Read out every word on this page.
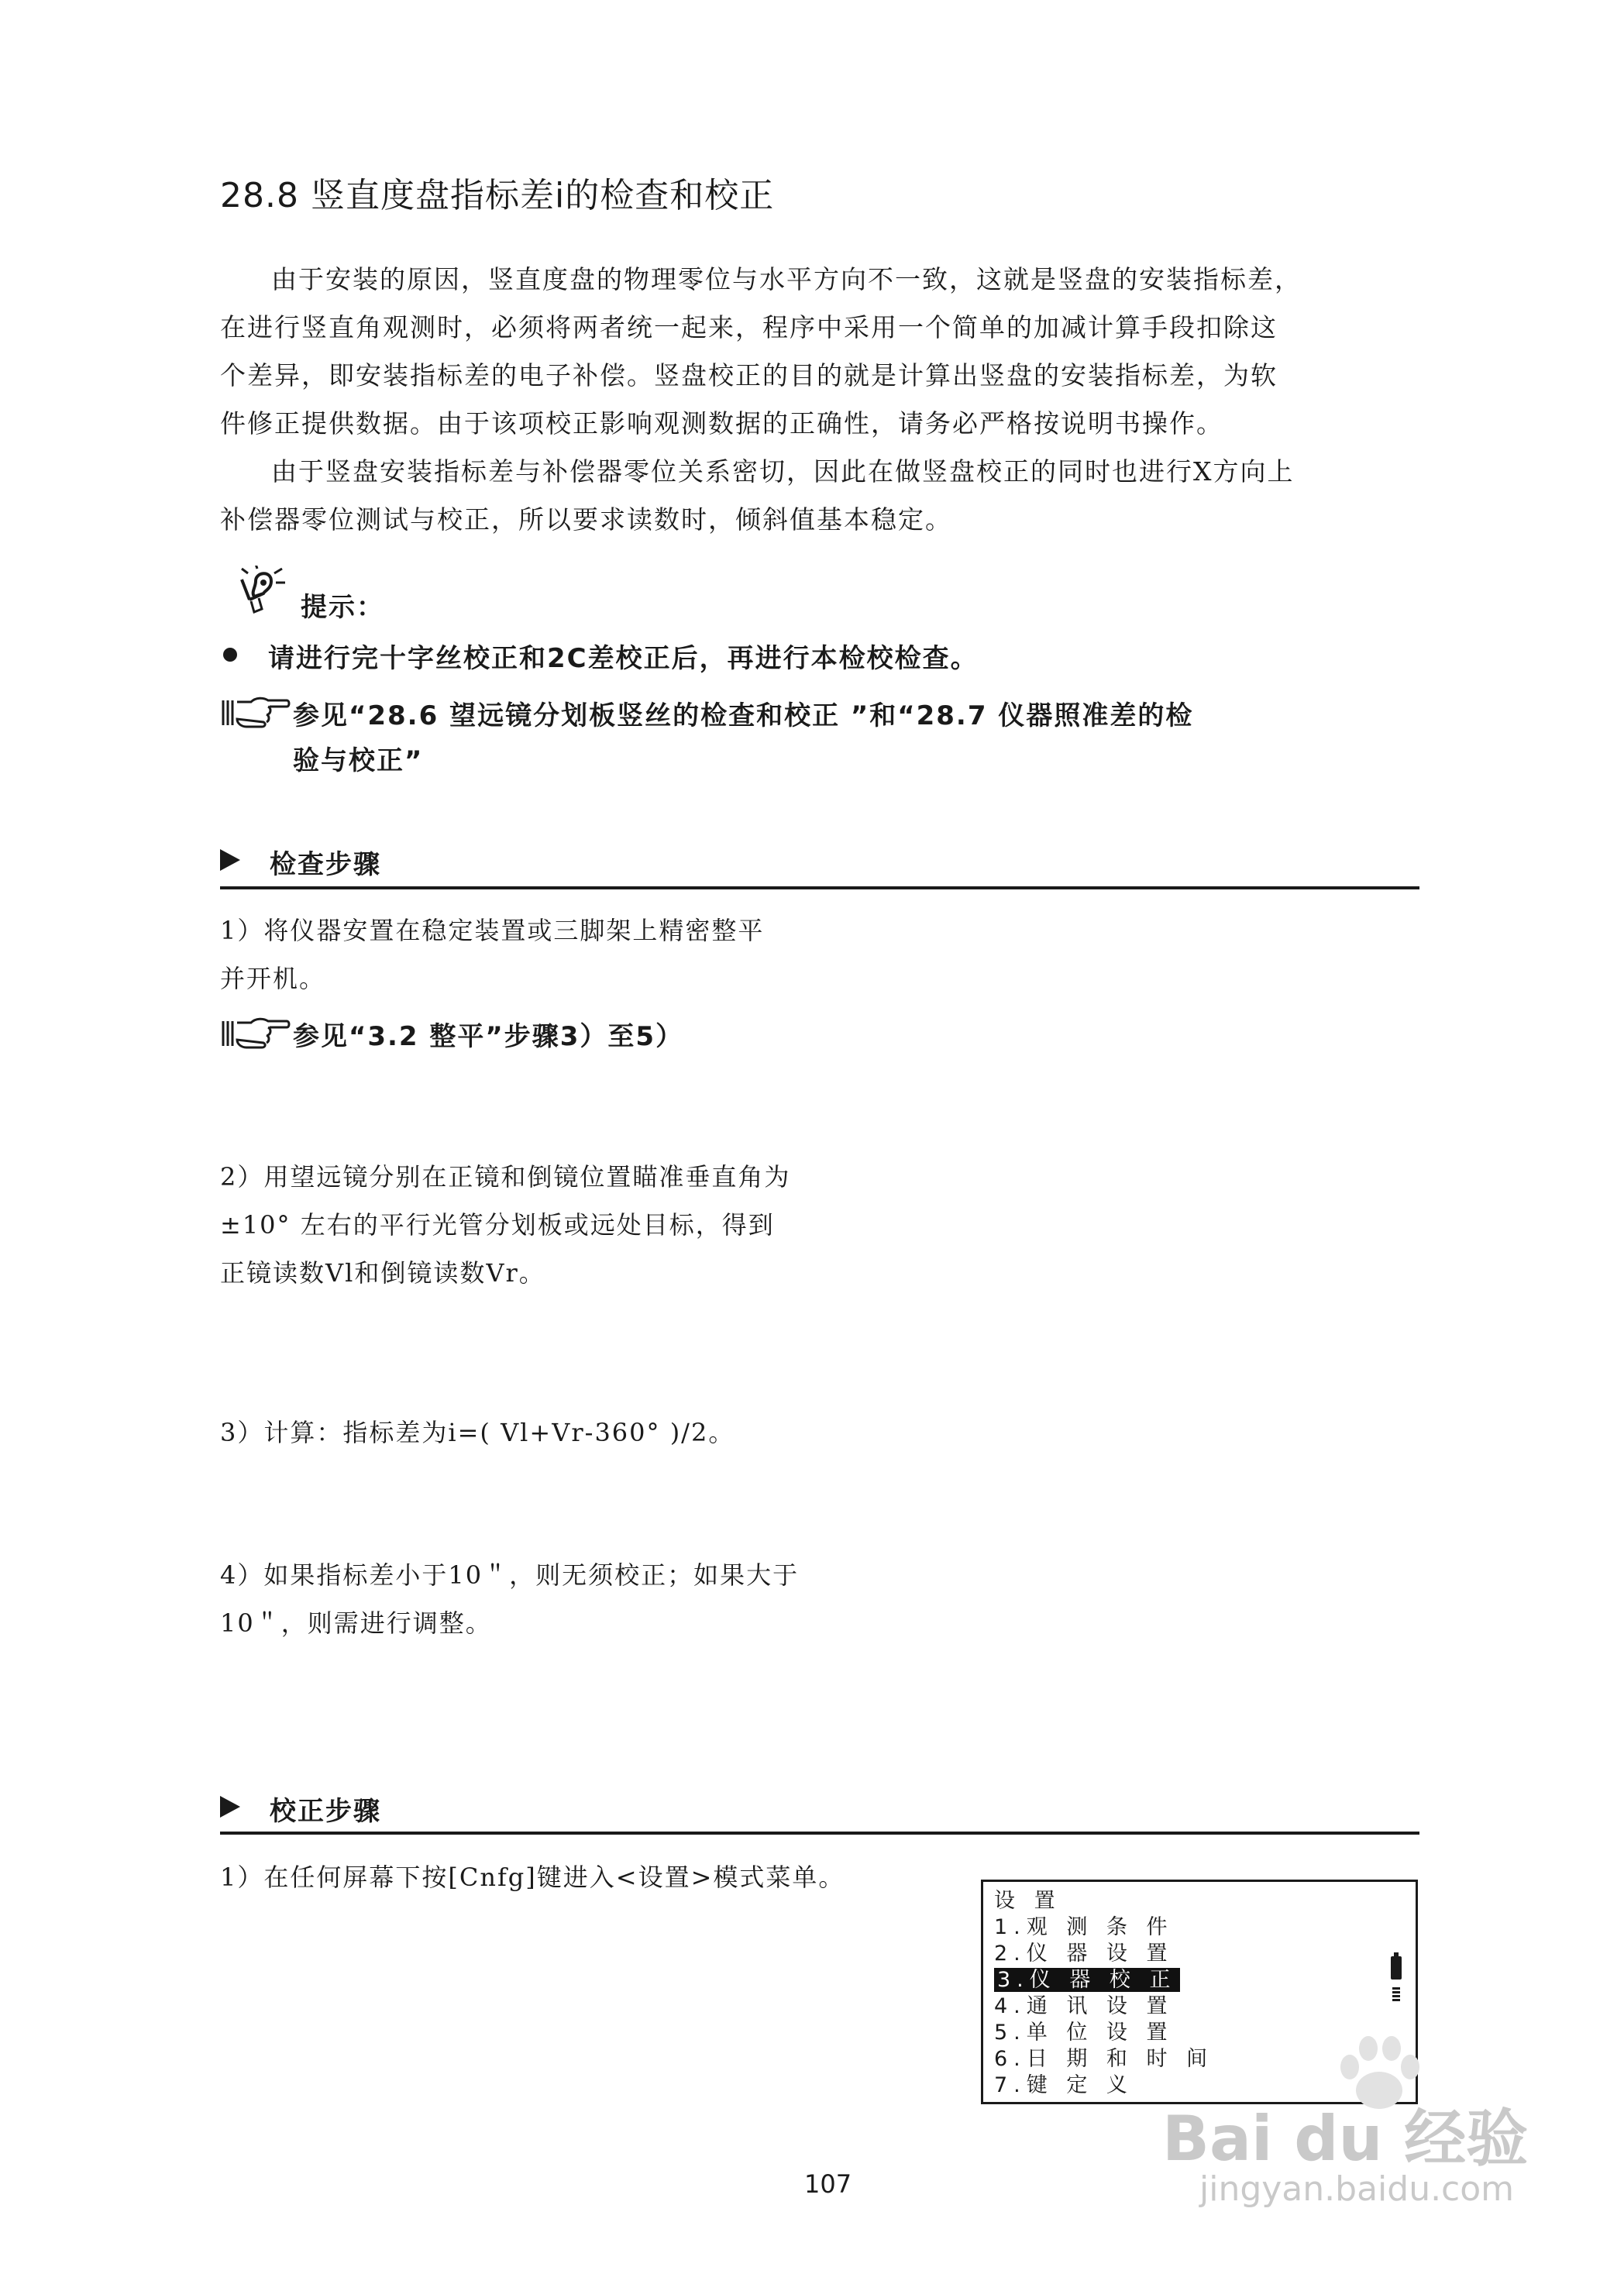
28.8 竖直度盘指标差i的检查和校正
由于安装的原因，竖直度盘的物理零位与水平方向不一致，这就是竖盘的安装指标差，
在进行竖直角观测时，必须将两者统一起来，程序中采用一个简单的加减计算手段扣除这
个差异，即安装指标差的电子补偿。竖盘校正的目的就是计算出竖盘的安装指标差，为软
件修正提供数据。由于该项校正影响观测数据的正确性，请务必严格按说明书操作。
由于竖盘安装指标差与补偿器零位关系密切，因此在做竖盘校正的同时也进行X方向上
补偿器零位测试与校正，所以要求读数时，倾斜值基本稳定。
提示：
请进行完十字丝校正和2C差校正后，再进行本检校检查。
参见“28.6 望远镜分划板竖丝的检查和校正 ”和“28.7 仪器照准差的检
验与校正”
检查步骤
1）将仪器安置在稳定装置或三脚架上精密整平
并开机。
参见“3.2 整平”步骤3）至5）
2）用望远镜分别在正镜和倒镜位置瞄准垂直角为
±10° 左右的平行光管分划板或远处目标，得到
正镜读数Vl和倒镜读数Vr。
3）计算：指标差为i=( Vl+Vr-360° )/2。
4）如果指标差小于10＂，则无须校正；如果大于
10＂，则需进行调整。
校正步骤
1）在任何屏幕下按[Cnfg]键进入<设置>模式菜单。
设 置
1.观 测 条 件
2.仪 器 设 置
3.仪 器 校 正
4.通 讯 设 置
5.单 位 设 置
6.日 期 和 时 间
7.键 定 义
107
Bai du 经验
jingyan.baidu.com
